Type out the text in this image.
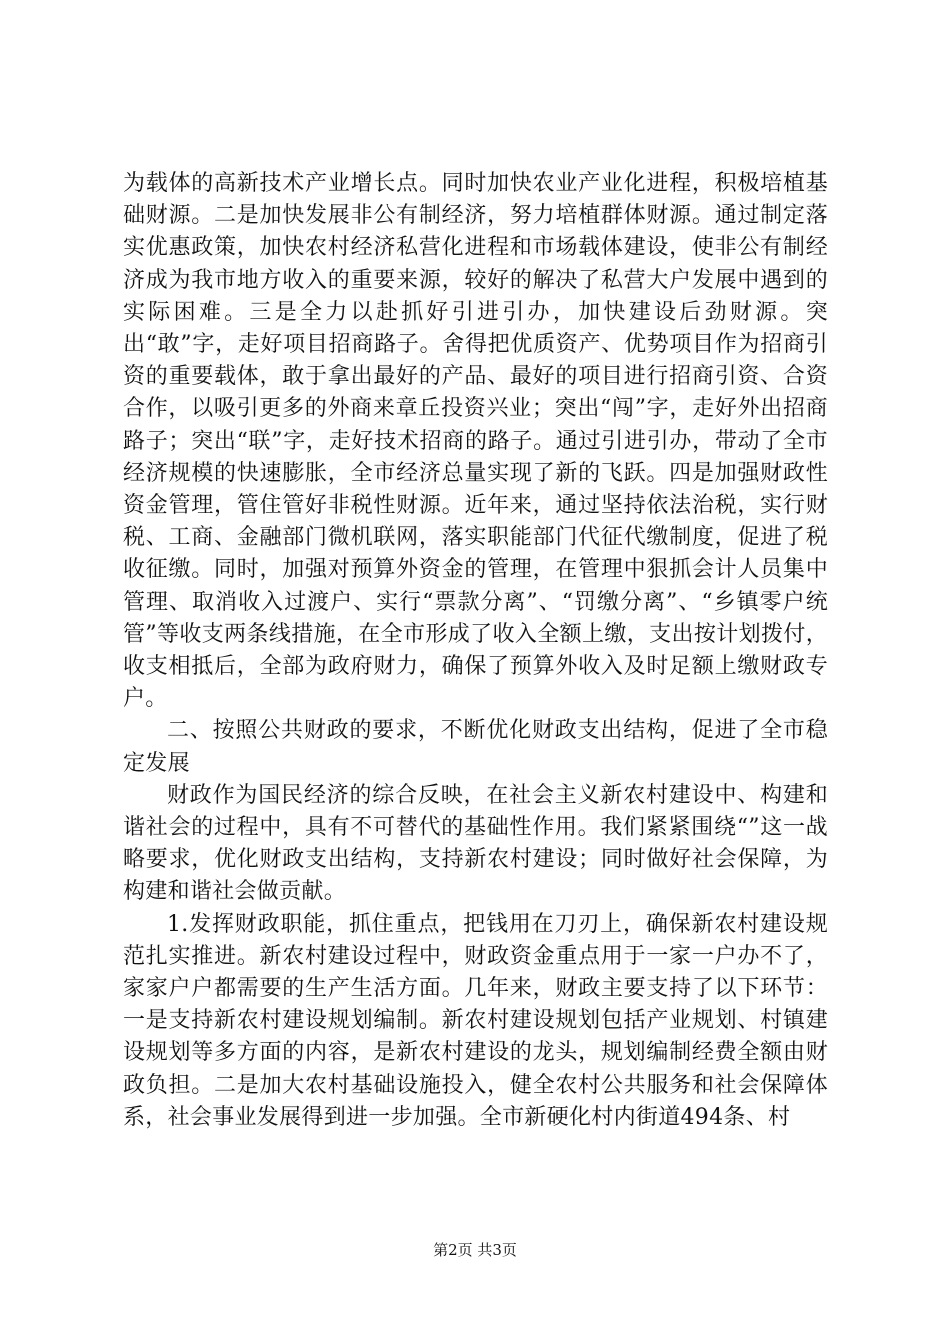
为载体的高新技术产业增长点。同时加快农业产业化进程，积极培植基础财源。二是加快发展非公有制经济，努力培植群体财源。通过制定落实优惠政策，加快农村经济私营化进程和市场载体建设，使非公有制经济成为我市地方收入的重要来源，较好的解决了私营大户发展中遇到的实际困难。三是全力以赴抓好引进引办，加快建设后劲财源。突出“敢”字，走好项目招商路子。舍得把优质资产、优势项目作为招商引资的重要载体，敢于拿出最好的产品、最好的项目进行招商引资、合资合作，以吸引更多的外商来章丘投资兴业；突出“闯”字，走好外出招商路子；突出“联”字，走好技术招商的路子。通过引进引办，带动了全市经济规模的快速膨胀，全市经济总量实现了新的飞跃。四是加强财政性资金管理，管住管好非税性财源。近年来，通过坚持依法治税，实行财税、工商、金融部门微机联网，落实职能部门代征代缴制度，促进了税收征缴。同时，加强对预算外资金的管理，在管理中狠抓会计人员集中管理、取消收入过渡户、实行“票款分离”、“罚缴分离”、“乡镇零户统管”等收支两条线措施，在全市形成了收入全额上缴，支出按计划拨付，收支相抵后，全部为政府财力，确保了预算外收入及时足额上缴财政专户。

二、按照公共财政的要求，不断优化财政支出结构，促进了全市稳定发展

财政作为国民经济的综合反映，在社会主义新农村建设中、构建和谐社会的过程中，具有不可替代的基础性作用。我们紧紧围绕“”这一战略要求，优化财政支出结构，支持新农村建设；同时做好社会保障，为构建和谐社会做贡献。

1.发挥财政职能，抓住重点，把钱用在刀刃上，确保新农村建设规范扎实推进。新农村建设过程中，财政资金重点用于一家一户办不了，家家户户都需要的生产生活方面。几年来，财政主要支持了以下环节：一是支持新农村建设规划编制。新农村建设规划包括产业规划、村镇建设规划等多方面的内容，是新农村建设的龙头，规划编制经费全额由财政负担。二是加大农村基础设施投入，健全农村公共服务和社会保障体系，社会事业发展得到进一步加强。全市新硬化村内街道494条、村

第2页 共3页
